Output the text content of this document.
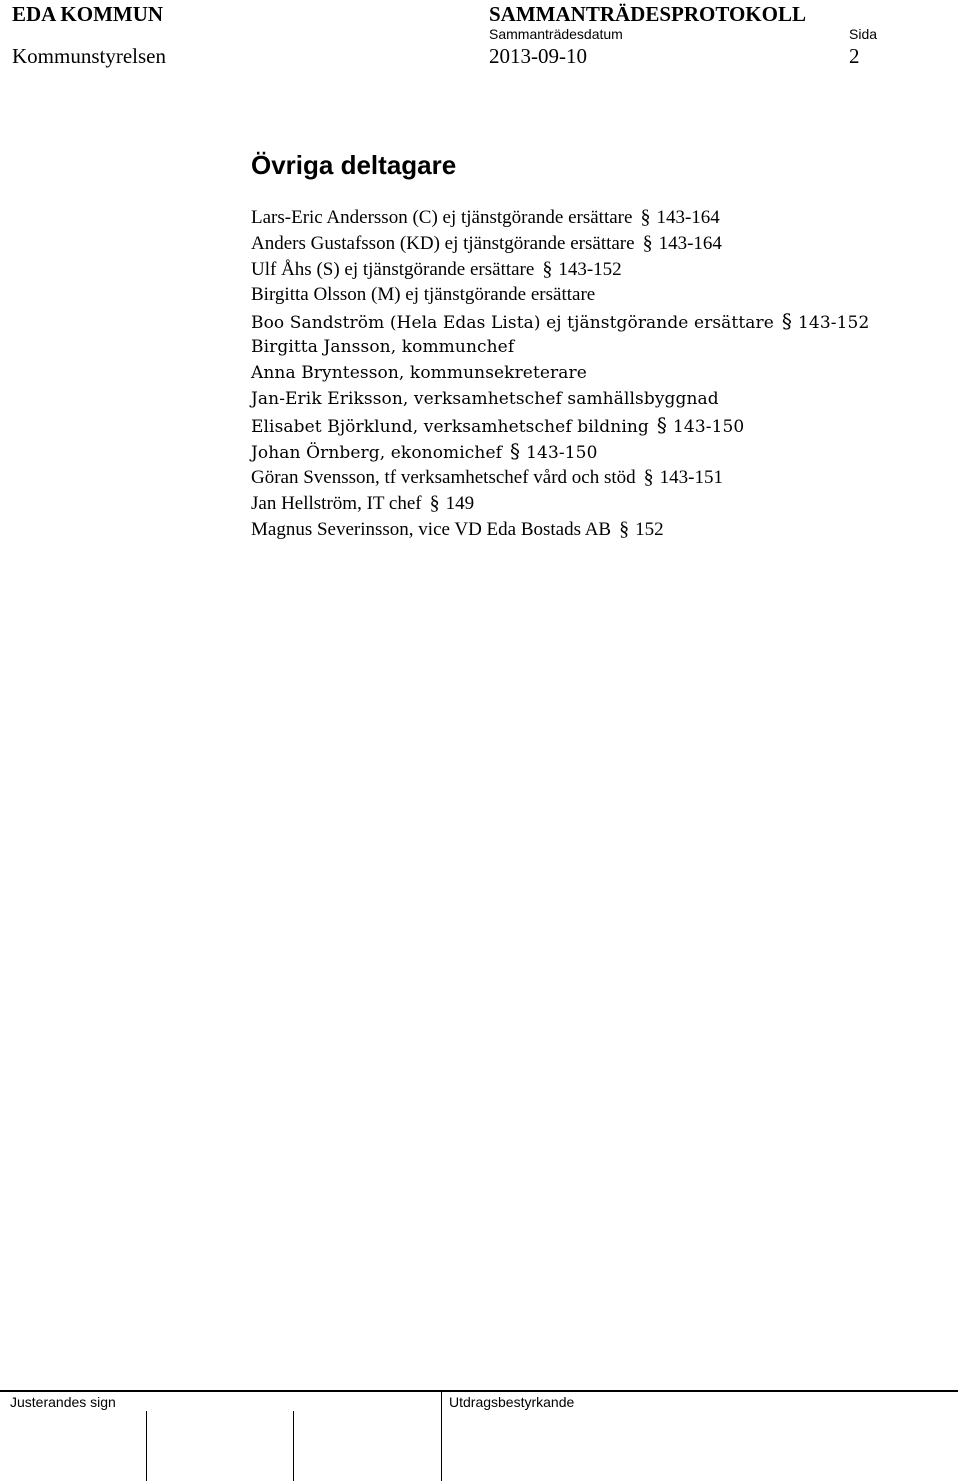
EDA KOMMUN	SAMMANTRÄDESPROTOKOLL
Sammanträdesdatum	Sida
Kommunstyrelsen	2013-09-10	2
Övriga deltagare
Lars-Eric Andersson (C) ej tjänstgörande ersättare § 143-164
Anders Gustafsson (KD) ej tjänstgörande ersättare § 143-164
Ulf Åhs (S) ej tjänstgörande ersättare § 143-152
Birgitta Olsson (M) ej tjänstgörande ersättare
Boo Sandström (Hela Edas Lista) ej tjänstgörande ersättare § 143-152
Birgitta Jansson, kommunchef
Anna Bryntesson, kommunsekreterare
Jan-Erik Eriksson, verksamhetschef samhällsbyggnad
Elisabet Björklund, verksamhetschef bildning § 143-150
Johan Örnberg, ekonomichef § 143-150
Göran Svensson, tf verksamhetschef vård och stöd § 143-151
Jan Hellström, IT chef § 149
Magnus Severinsson, vice VD Eda Bostads AB § 152
Justerandes sign	Utdragsbestyrkande
